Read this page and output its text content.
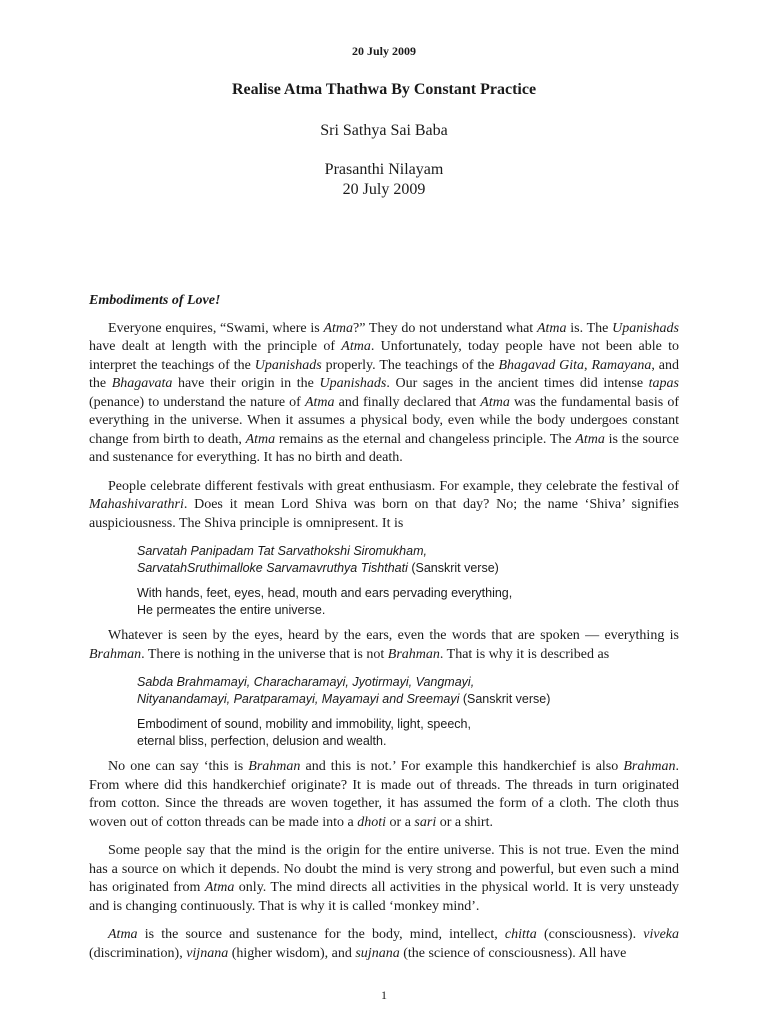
20 July 2009
Realise Atma Thathwa By Constant Practice
Sri Sathya Sai Baba
Prasanthi Nilayam
20 July 2009
Embodiments of Love!

Everyone enquires, “Swami, where is Atma?” They do not understand what Atma is. The Upanishads have dealt at length with the principle of Atma. Unfortunately, today people have not been able to interpret the teachings of the Upanishads properly. The teachings of the Bhagavad Gita, Ramayana, and the Bhagavata have their origin in the Upanishads. Our sages in the ancient times did intense tapas (penance) to understand the nature of Atma and finally declared that Atma was the fundamental basis of everything in the universe. When it assumes a physical body, even while the body undergoes constant change from birth to death, Atma remains as the eternal and changeless principle. The Atma is the source and sustenance for everything. It has no birth and death.

People celebrate different festivals with great enthusiasm. For example, they celebrate the festival of Mahashivarathri. Does it mean Lord Shiva was born on that day? No; the name ‘Shiva’ signifies auspiciousness. The Shiva principle is omnipresent. It is

Sarvatah Panipadam Tat Sarvathokshi Siromukham,
SarvatahSruthimalloke Sarvamavruthya Tishthati (Sanskrit verse)
With hands, feet, eyes, head, mouth and ears pervading everything,
He permeates the entire universe.

Whatever is seen by the eyes, heard by the ears, even the words that are spoken — everything is Brahman. There is nothing in the universe that is not Brahman. That is why it is described as

Sabda Brahmamayi, Characharamayi, Jyotirmayi, Vangmayi,
Nityanandamayi, Paratparamayi, Mayamayi and Sreemayi (Sanskrit verse)
Embodiment of sound, mobility and immobility, light, speech,
eternal bliss, perfection, delusion and wealth.

No one can say ‘this is Brahman and this is not.’ For example this handkerchief is also Brahman. From where did this handkerchief originate? It is made out of threads. The threads in turn originated from cotton. Since the threads are woven together, it has assumed the form of a cloth. The cloth thus woven out of cotton threads can be made into a dhoti or a sari or a shirt.

Some people say that the mind is the origin for the entire universe. This is not true. Even the mind has a source on which it depends. No doubt the mind is very strong and powerful, but even such a mind has originated from Atma only. The mind directs all activities in the physical world. It is very unsteady and is changing continuously. That is why it is called ‘monkey mind’.

Atma is the source and sustenance for the body, mind, intellect, chitta (consciousness). viveka (discrimination), vijnana (higher wisdom), and sujnana (the science of consciousness). All have

1
